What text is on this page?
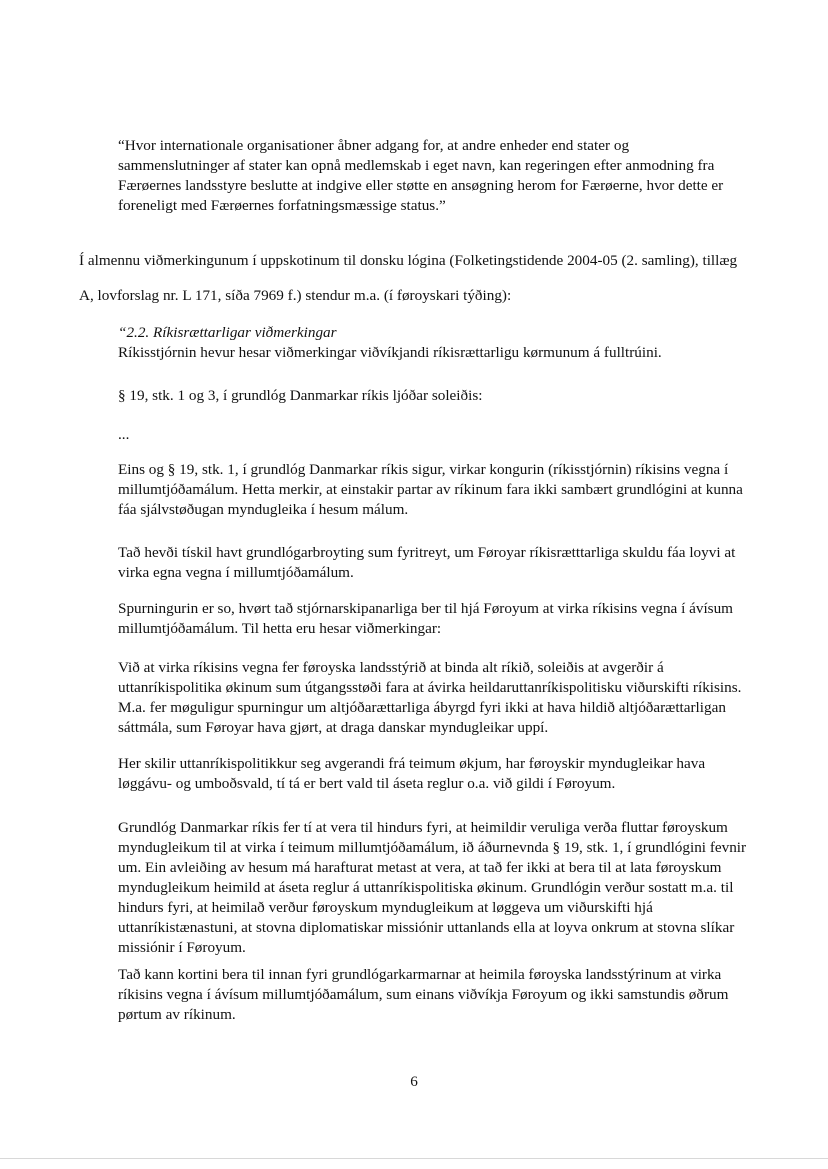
“Hvor internationale organisationer åbner adgang for, at andre enheder end stater og sammenslutninger af stater kan opnå medlemskab i eget navn, kan regeringen efter anmodning fra Færøernes landsstyre beslutte at indgive eller støtte en ansøgning herom for Færøerne, hvor dette er foreneligt med Færøernes forfatningsmæssige status.”

Í almennu viðmerkingunum í uppskotinum til donsku lógina (Folketingstidende 2004-05 (2. samling), tillæg A, lovforslag nr. L 171, síða 7969 f.) stendur m.a. (í føroyskari týðing):

“2.2. Ríkisrættarligar viðmerkingar
Ríkisstjórnin hevur hesar viðmerkingar viðvíkjandi ríkisrættarligu kørmunum á fulltrúini.

§ 19, stk. 1 og 3, í grundlóg Danmarkar ríkis ljóðar soleiðis:

...

Eins og § 19, stk. 1, í grundlóg Danmarkar ríkis sigur, virkar kongurin (ríkisstjórnin) ríkisins vegna í millumtjóðamálum. Hetta merkir, at einstakir partar av ríkinum fara ikki sambært grundlógini at kunna fáa sjálvstøðugan myndugleika í hesum málum.

Tað hevði tískil havt grundlógarbroyting sum fyritreyt, um Føroyar ríkisrætttarliga skuldu fáa loyvi at virka egna vegna í millumtjóðamálum.

Spurningurin er so, hvørt tað stjórnarskipanarliga ber til hjá Føroyum at virka ríkisins vegna í ávísum millumtjóðamálum. Til hetta eru hesar viðmerkingar:

Við at virka ríkisins vegna fer føroyska landsstýrið at binda alt ríkið, soleiðis at avgerðir á uttanríkispolitika økinum sum útgangsstøði fara at ávirka heildaruttanríkispolitisku viðurskifti ríkisins. M.a. fer møguligur spurningur um altjóðarættarliga ábyrgd fyri ikki at hava hildið altjóðarættarligan sáttmála, sum Føroyar hava gjørt, at draga danskar myndugleikar uppí.

Her skilir uttanríkispolitikkur seg avgerandi frá teimum økjum, har føroyskir myndugleikar hava løggávu- og umboðsvald, tí tá er bert vald til áseta reglur o.a. við gildi í Føroyum.

Grundlóg Danmarkar ríkis fer tí at vera til hindurs fyri, at heimildir veruliga verða fluttar føroyskum myndugleikum til at virka í teimum millumtjóðamálum, ið áðurnevnda § 19, stk. 1, í grundlógini fevnir um. Ein avleiðing av hesum má harafturat metast at vera, at tað fer ikki at bera til at lata føroyskum myndugleikum heimild at áseta reglur á uttanríkispolitiska økinum. Grundlógin verður sostatt m.a. til hindurs fyri, at heimilað verður føroyskum myndugleikum at løggeva um viðurskifti hjá uttanríkistænastuni, at stovna diplomatiskar missiónir uttanlands ella at loyva onkrum at stovna slíkar missiónir í Føroyum.

Tað kann kortini bera til innan fyri grundlógarkarmarnar at heimila føroyska landsstýrinum at virka ríkisins vegna í ávísum millumtjóðamálum, sum einans viðvíkja Føroyum og ikki samstundis øðrum pørtum av ríkinum.

6
